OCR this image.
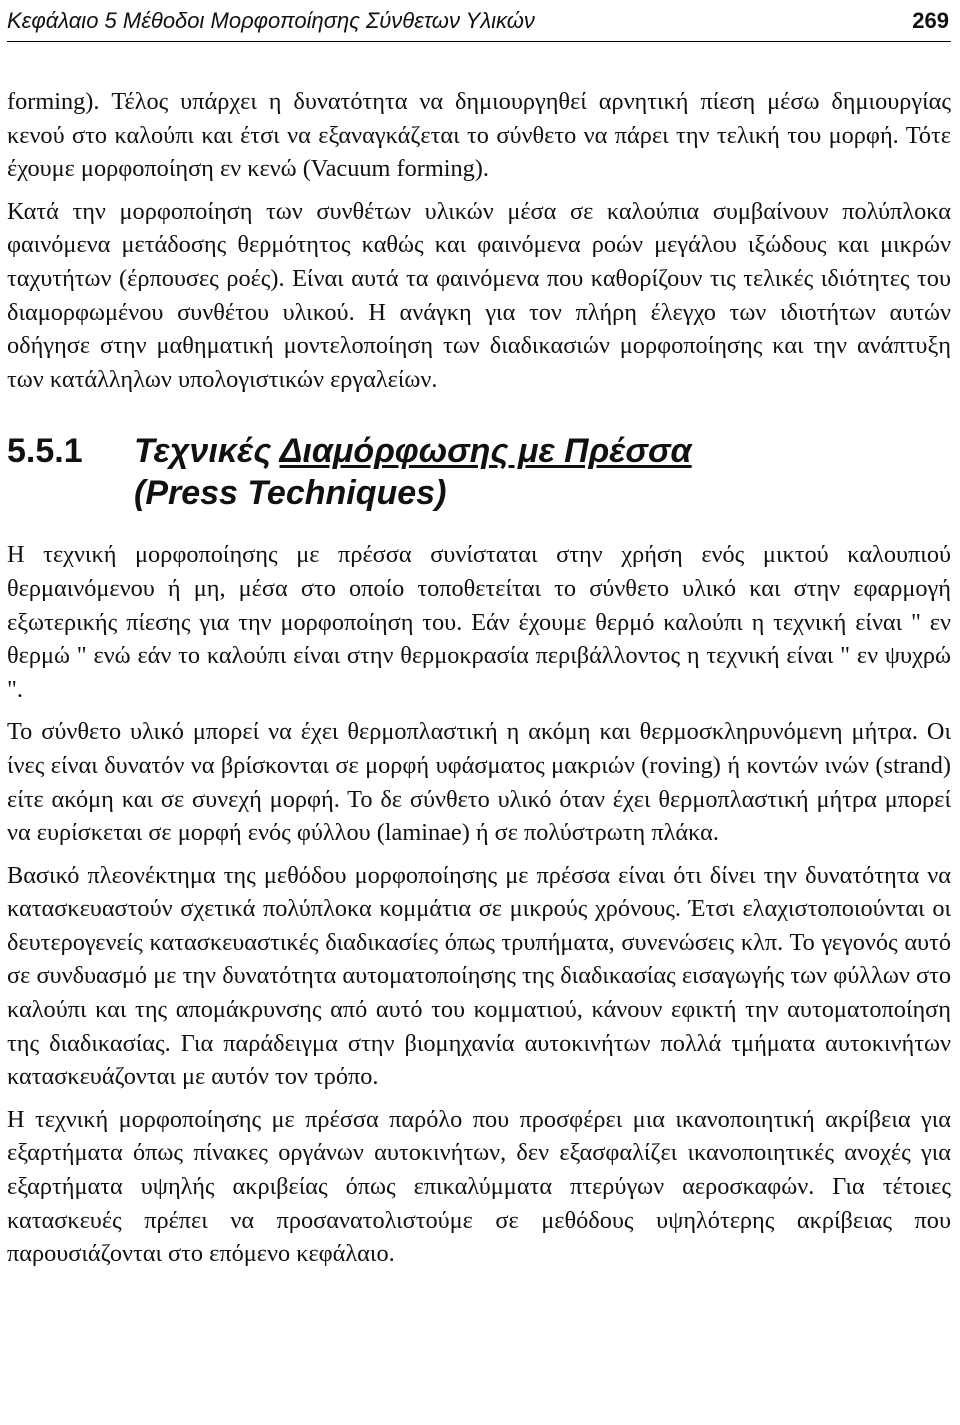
Κεφάλαιο 5 Μέθοδοι Μορφοποίησης Σύνθετων Υλικών	269

forming). Τέλος υπάρχει η δυνατότητα να δημιουργηθεί αρνητική πίεση μέσω δημιουργίας κενού στο καλούπι και έτσι να εξαναγκάζεται το σύνθετο να πάρει την τελική του μορφή. Τότε έχουμε μορφοποίηση εν κενώ (Vacuum forming).

Κατά την μορφοποίηση των συνθέτων υλικών μέσα σε καλούπια συμβαίνουν πολύπλοκα φαινόμενα μετάδοσης θερμότητος καθώς και φαινόμενα ροών μεγάλου ιξώδους και μικρών ταχυτήτων (έρπουσες ροές). Είναι αυτά τα φαινόμενα που καθορίζουν τις τελικές ιδιότητες του διαμορφωμένου συνθέτου υλικού. Η ανάγκη για τον πλήρη έλεγχο των ιδιοτήτων αυτών οδήγησε στην μαθηματική μοντελοποίηση των διαδικασιών μορφοποίησης και την ανάπτυξη των κατάλληλων υπολογιστικών εργαλείων.

5.5.1	Τεχνικές Διαμόρφωσης με Πρέσσα
(Press Techniques)

Η τεχνική μορφοποίησης με πρέσσα συνίσταται στην χρήση ενός μικτού καλουπιού θερμαινόμενου ή μη, μέσα στο οποίο τοποθετείται το σύνθετο υλικό και στην εφαρμογή εξωτερικής πίεσης για την μορφοποίηση του. Εάν έχουμε θερμό καλούπι η τεχνική είναι " εν θερμώ " ενώ εάν το καλούπι είναι στην θερμοκρασία περιβάλλοντος η τεχνική είναι " εν ψυχρώ ".

Το σύνθετο υλικό μπορεί να έχει θερμοπλαστική η ακόμη και θερμοσκληρυνόμενη μήτρα. Οι ίνες είναι δυνατόν να βρίσκονται σε μορφή υφάσματος μακριών (roving) ή κοντών ινών (strand) είτε ακόμη και σε συνεχή μορφή. Το δε σύνθετο υλικό όταν έχει θερμοπλαστική μήτρα μπορεί να ευρίσκεται σε μορφή ενός φύλλου (laminae) ή σε πολύστρωτη πλάκα.

Βασικό πλεονέκτημα της μεθόδου μορφοποίησης με πρέσσα είναι ότι δίνει την δυνατότητα να κατασκευαστούν σχετικά πολύπλοκα κομμάτια σε μικρούς χρόνους. Έτσι ελαχιστοποιούνται οι δευτερογενείς κατασκευαστικές διαδικασίες όπως τρυπήματα, συνενώσεις κλπ. Το γεγονός αυτό σε συνδυασμό με την δυνατότητα αυτοματοποίησης της διαδικασίας εισαγωγής των φύλλων στο καλούπι και της απομάκρυνσης από αυτό του κομματιού, κάνουν εφικτή την αυτοματοποίηση της διαδικασίας. Για παράδειγμα στην βιομηχανία αυτοκινήτων πολλά τμήματα αυτοκινήτων κατασκευάζονται με αυτόν τον τρόπο.

Η τεχνική μορφοποίησης με πρέσσα παρόλο που προσφέρει μια ικανοποιητική ακρίβεια για εξαρτήματα όπως πίνακες οργάνων αυτοκινήτων, δεν εξασφαλίζει ικανοποιητικές ανοχές για εξαρτήματα υψηλής ακριβείας όπως επικαλύμματα πτερύγων αεροσκαφών. Για τέτοιες κατασκευές πρέπει να προσανατολιστούμε σε μεθόδους υψηλότερης ακρίβειας που παρουσιάζονται στο επόμενο κεφάλαιο.
